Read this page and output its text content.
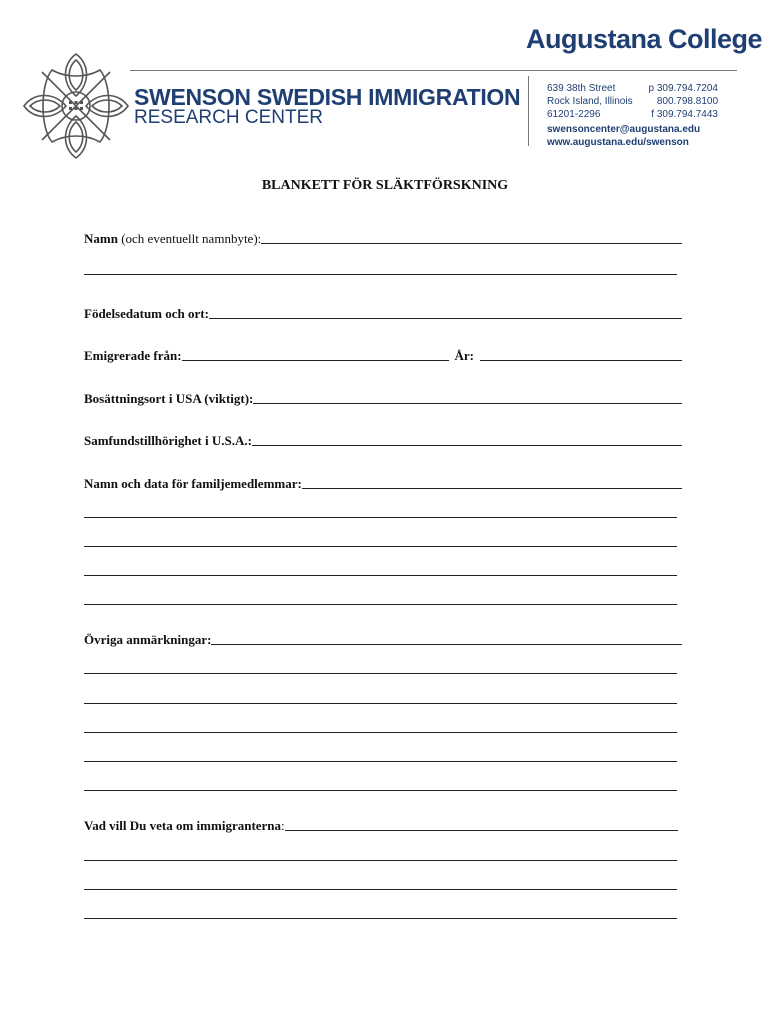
Augustana College
SWENSON SWEDISH IMMIGRATION
RESEARCH CENTER
639 38th Street
Rock Island, Illinois
61201-2296
p 309.794.7204
800.798.8100
f 309.794.7443
swensoncenter@augustana.edu
www.augustana.edu/swenson
BLANKETT FÖR SLÄKTFÖRSKNING
Namn (och eventuellt namnbyte):
Födelsedatum och ort:
Emigrerade från:	År:
Bosättningsort i USA (viktigt):
Samfundstillhörighet i U.S.A.:
Namn och data för familjemedlemmar:
Övriga anmärkningar:
Vad vill Du veta om immigranterna:
